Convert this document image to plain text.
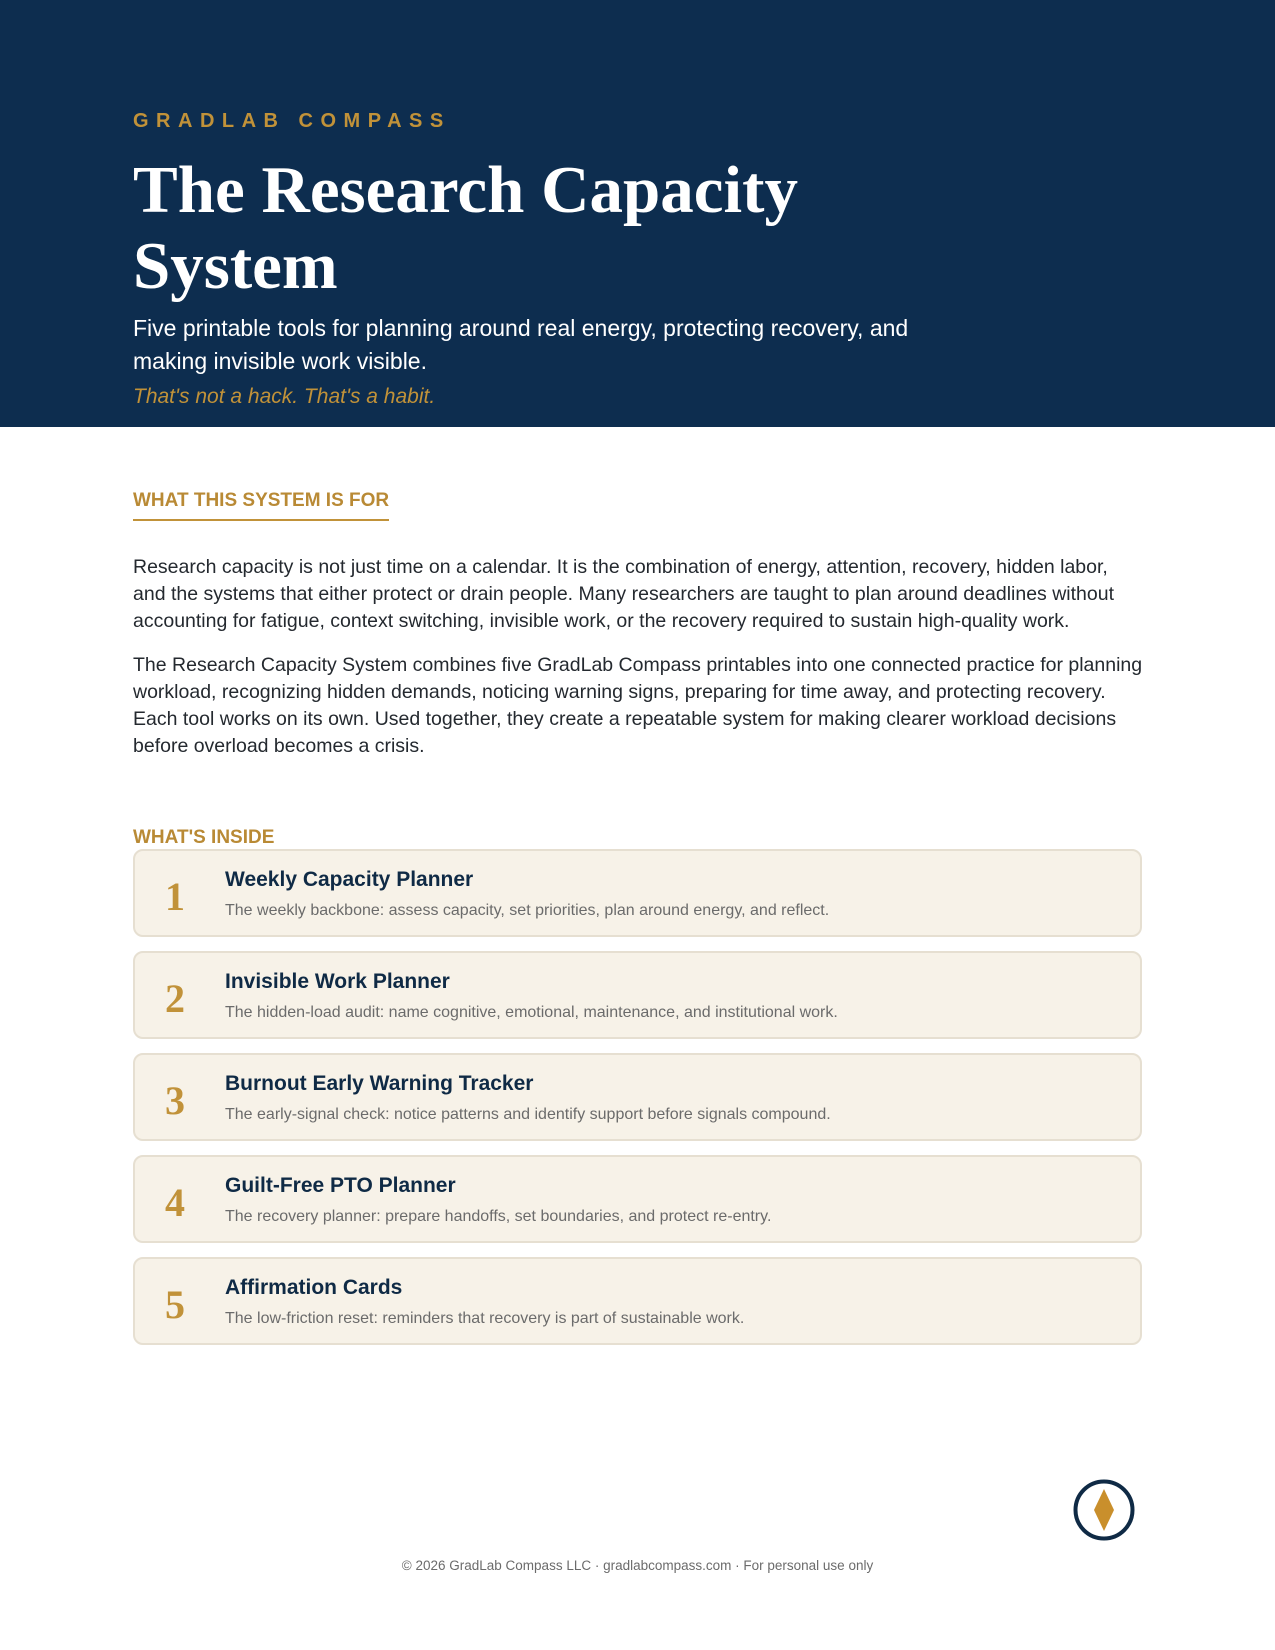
GRADLAB COMPASS
The Research Capacity System

Five printable tools for planning around real energy, protecting recovery, and making invisible work visible.

That's not a hack. That's a habit.
WHAT THIS SYSTEM IS FOR

Research capacity is not just time on a calendar. It is the combination of energy, attention, recovery, hidden labor, and the systems that either protect or drain people. Many researchers are taught to plan around deadlines without accounting for fatigue, context switching, invisible work, or the recovery required to sustain high-quality work.

The Research Capacity System combines five GradLab Compass printables into one connected practice for planning workload, recognizing hidden demands, noticing warning signs, preparing for time away, and protecting recovery. Each tool works on its own. Used together, they create a repeatable system for making clearer workload decisions before overload becomes a crisis.

WHAT'S INSIDE
1	Weekly Capacity Planner
The weekly backbone: assess capacity, set priorities, plan around energy, and reflect.
2	Invisible Work Planner
The hidden-load audit: name cognitive, emotional, maintenance, and institutional work.
3	Burnout Early Warning Tracker
The early-signal check: notice patterns and identify support before signals compound.
4	Guilt-Free PTO Planner
The recovery planner: prepare handoffs, set boundaries, and protect re-entry.
5	Affirmation Cards
The low-friction reset: reminders that recovery is part of sustainable work.
© 2026 GradLab Compass LLC · gradlabcompass.com · For personal use only
